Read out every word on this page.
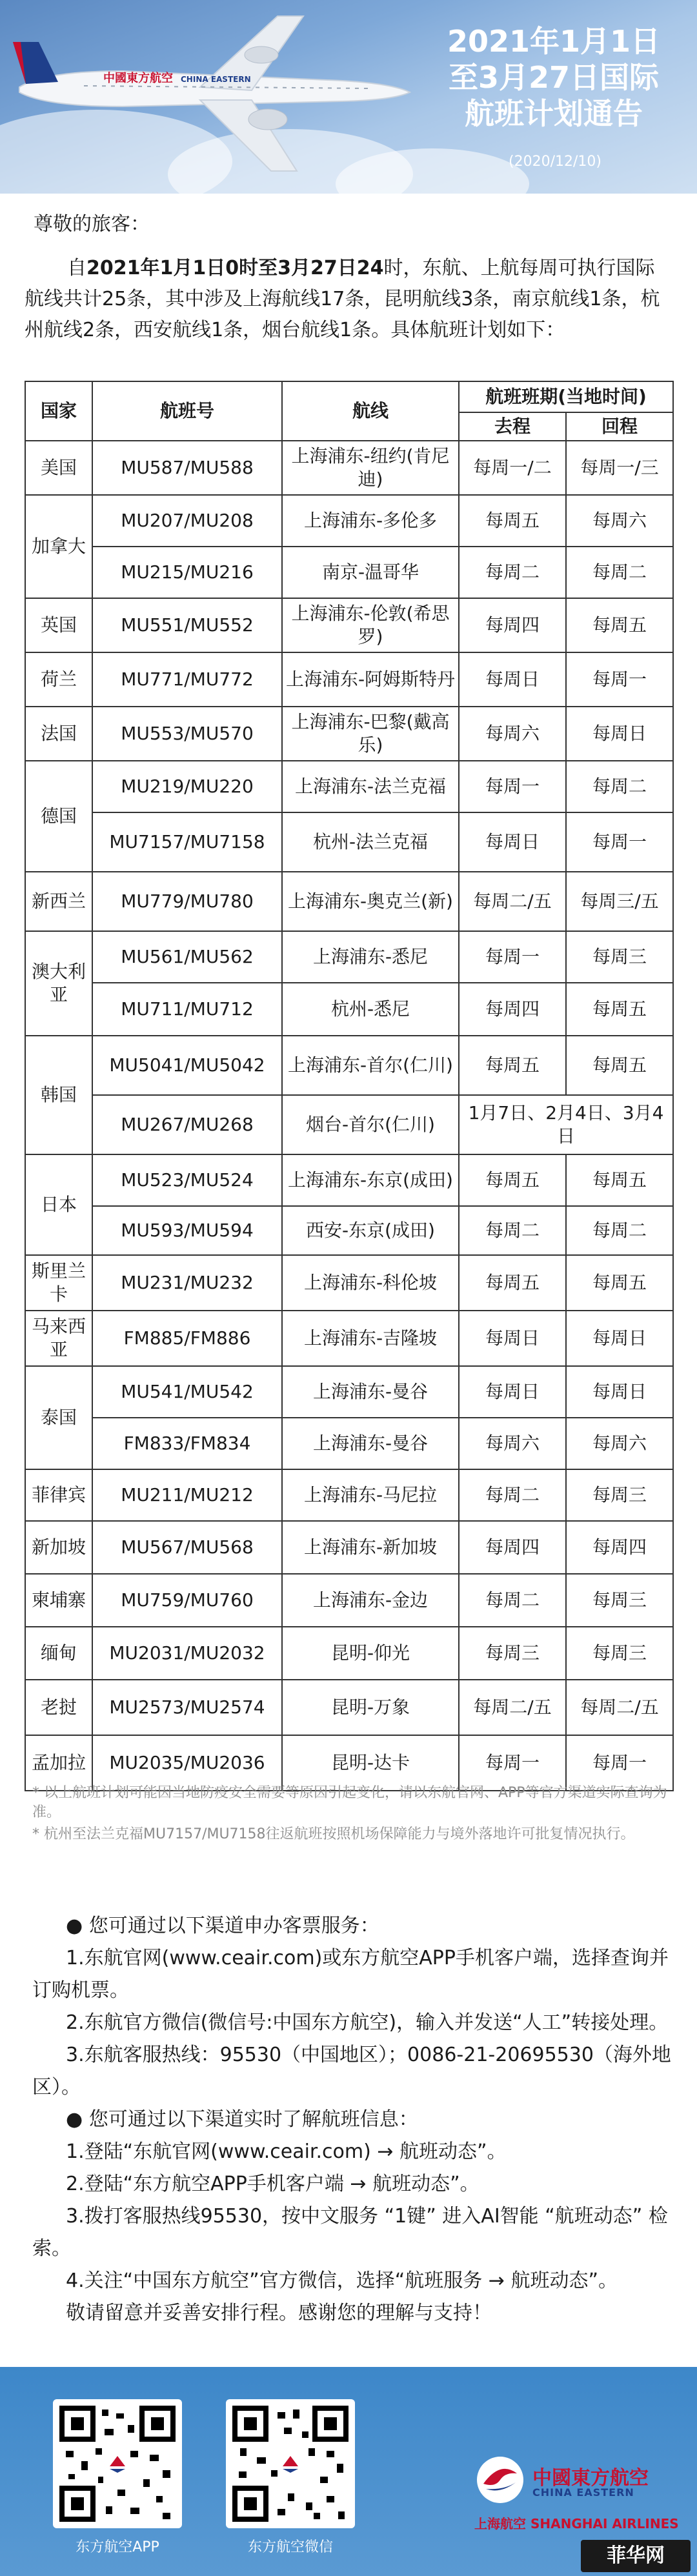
中國東方航空 CHINA EASTERN
2021年1月1日
至3月27日国际
航班计划通告
(2020/12/10)
尊敬的旅客：
自2021年1月1日0时至3月27日24时，东航、上航每周可执行国际航线共计25条，其中涉及上海航线17条，昆明航线3条，南京航线1条，杭州航线2条，西安航线1条，烟台航线1条。具体航班计划如下：
国家	航班号	航线	航班班期(当地时间)	
			去程	回程
美国	MU587/MU588	上海浦东-纽约(肯尼迪)	每周一/二	每周一/三
加拿大	MU207/MU208	上海浦东-多伦多	每周五	每周六
	MU215/MU216	南京-温哥华	每周二	每周二
英国	MU551/MU552	上海浦东-伦敦(希思罗)	每周四	每周五
荷兰	MU771/MU772	上海浦东-阿姆斯特丹	每周日	每周一
法国	MU553/MU570	上海浦东-巴黎(戴高乐)	每周六	每周日
德国	MU219/MU220	上海浦东-法兰克福	每周一	每周二
	MU7157/MU7158	杭州-法兰克福	每周日	每周一
新西兰	MU779/MU780	上海浦东-奥克兰(新)	每周二/五	每周三/五
澳大利亚	MU561/MU562	上海浦东-悉尼	每周一	每周三
	MU711/MU712	杭州-悉尼	每周四	每周五
韩国	MU5041/MU5042	上海浦东-首尔(仁川)	每周五	每周五
	MU267/MU268	烟台-首尔(仁川)	1月7日、2月4日、3月4日	
日本	MU523/MU524	上海浦东-东京(成田)	每周五	每周五
	MU593/MU594	西安-东京(成田)	每周二	每周二
斯里兰卡	MU231/MU232	上海浦东-科伦坡	每周五	每周五
马来西亚	FM885/FM886	上海浦东-吉隆坡	每周日	每周日
泰国	MU541/MU542	上海浦东-曼谷	每周日	每周日
	FM833/FM834	上海浦东-曼谷	每周六	每周六
菲律宾	MU211/MU212	上海浦东-马尼拉	每周二	每周三
新加坡	MU567/MU568	上海浦东-新加坡	每周四	每周四
柬埔寨	MU759/MU760	上海浦东-金边	每周二	每周三
缅甸	MU2031/MU2032	昆明-仰光	每周三	每周三
老挝	MU2573/MU2574	昆明-万象	每周二/五	每周二/五
孟加拉	MU2035/MU2036	昆明-达卡	每周一	每周一

* 以上航班计划可能因当地防疫安全需要等原因引起变化，请以东航官网、APP等官方渠道实际查询为准。

* 杭州至法兰克福MU7157/MU7158往返航班按照机场保障能力与境外落地许可批复情况执行。

● 您可通过以下渠道申办客票服务：

1.东航官网(www.ceair.com)或东方航空APP手机客户端，选择查询并订购机票。

2.东航官方微信(微信号:中国东方航空)，输入并发送“人工”转接处理。

3.东航客服热线：95530（中国地区）；0086-21-20695530（海外地区）。

● 您可通过以下渠道实时了解航班信息：

1.登陆“东航官网(www.ceair.com) → 航班动态”。

2.登陆“东方航空APP手机客户端 → 航班动态”。

3.拨打客服热线95530，按中文服务 “1键” 进入AI智能 “航班动态” 检索。

4.关注“中国东方航空”官方微信，选择“航班服务 → 航班动态”。

敬请留意并妥善安排行程。感谢您的理解与支持！

东方航空APP	东方航空微信
中國東方航空
CHINA EASTERN
上海航空 SHANGHAI AIRLINES
菲华网
